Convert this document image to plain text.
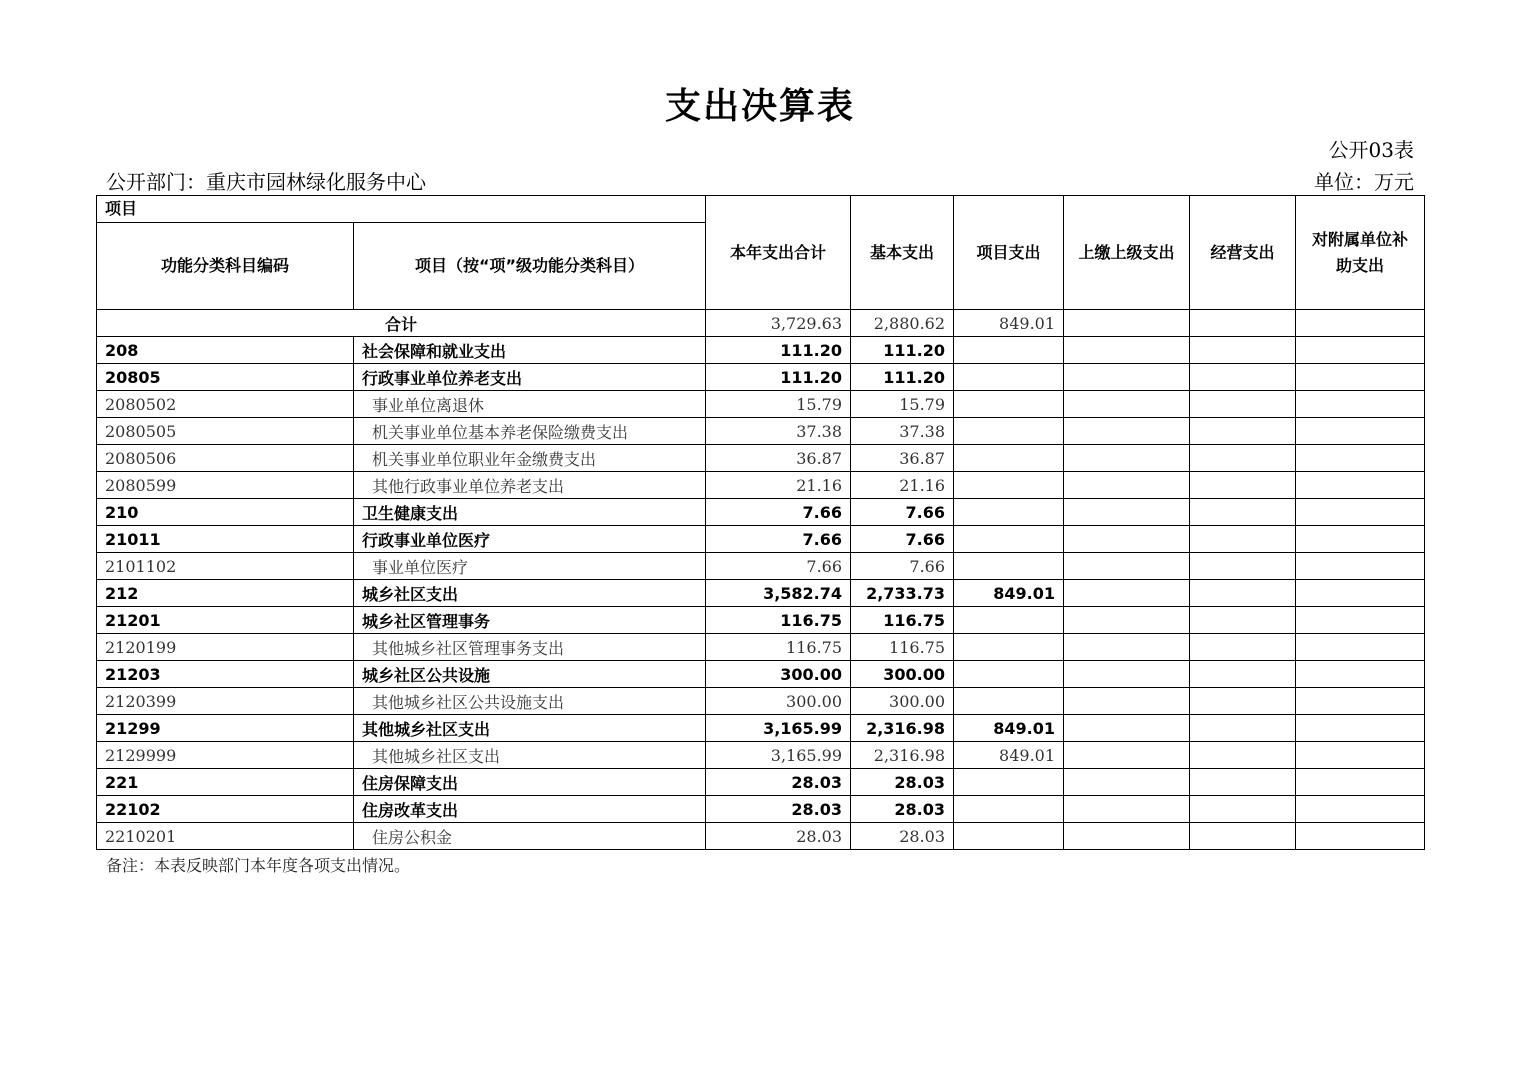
支出决算表
公开03表
公开部门：重庆市园林绿化服务中心	单位：万元
项目		本年支出合计	基本支出	项目支出	上缴上级支出	经营支出	对附属单位补助支出
功能分类科目编码	项目（按“项”级功能分类科目）						
合计		3,729.63	2,880.62	849.01			
208	社会保障和就业支出	111.20	111.20				
20805	行政事业单位养老支出	111.20	111.20				
2080502	事业单位离退休	15.79	15.79				
2080505	机关事业单位基本养老保险缴费支出	37.38	37.38				
2080506	机关事业单位职业年金缴费支出	36.87	36.87				
2080599	其他行政事业单位养老支出	21.16	21.16				
210	卫生健康支出	7.66	7.66				
21011	行政事业单位医疗	7.66	7.66				
2101102	事业单位医疗	7.66	7.66				
212	城乡社区支出	3,582.74	2,733.73	849.01			
21201	城乡社区管理事务	116.75	116.75				
2120199	其他城乡社区管理事务支出	116.75	116.75				
21203	城乡社区公共设施	300.00	300.00				
2120399	其他城乡社区公共设施支出	300.00	300.00				
21299	其他城乡社区支出	3,165.99	2,316.98	849.01			
2129999	其他城乡社区支出	3,165.99	2,316.98	849.01			
221	住房保障支出	28.03	28.03				
22102	住房改革支出	28.03	28.03				
2210201	住房公积金	28.03	28.03				
备注：本表反映部门本年度各项支出情况。
